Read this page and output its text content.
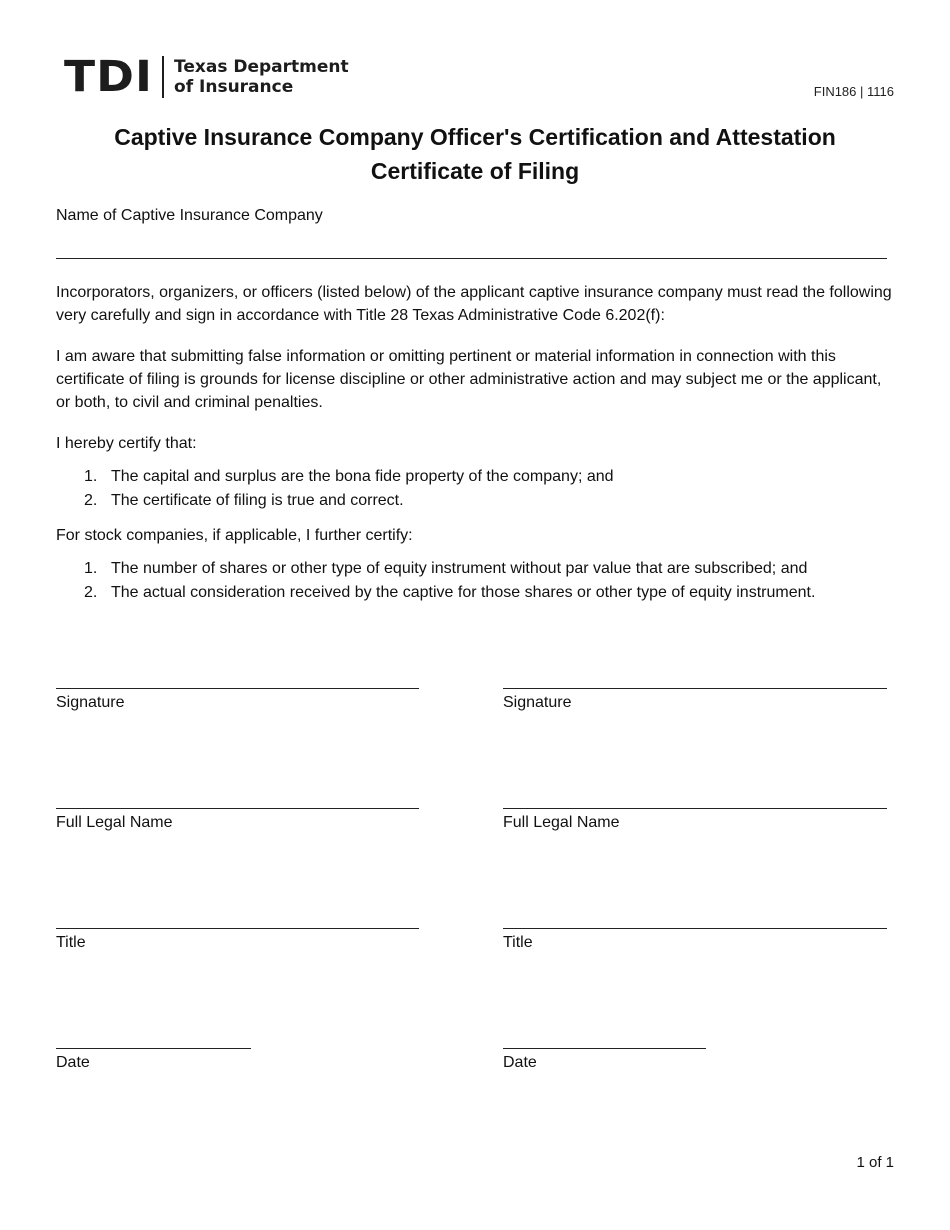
TDI Texas Department
of Insurance	FIN186 | 1116
Captive Insurance Company Officer's Certification and Attestation
Certificate of Filing
Name of Captive Insurance Company
Incorporators, organizers, or officers (listed below) of the applicant captive insurance company must read the following very carefully and sign in accordance with Title 28 Texas Administrative Code 6.202(f):
I am aware that submitting false information or omitting pertinent or material information in connection with this certificate of filing is grounds for license discipline or other administrative action and may subject me or the applicant, or both, to civil and criminal penalties.
I hereby certify that:
1. The capital and surplus are the bona fide property of the company; and
2. The certificate of filing is true and correct.
For stock companies, if applicable, I further certify:
1. The number of shares or other type of equity instrument without par value that are subscribed; and
2. The actual consideration received by the captive for those shares or other type of equity instrument.
Signature
Full Legal Name
Title
Date
Signature
Full Legal Name
Title
Date
1 of 1
